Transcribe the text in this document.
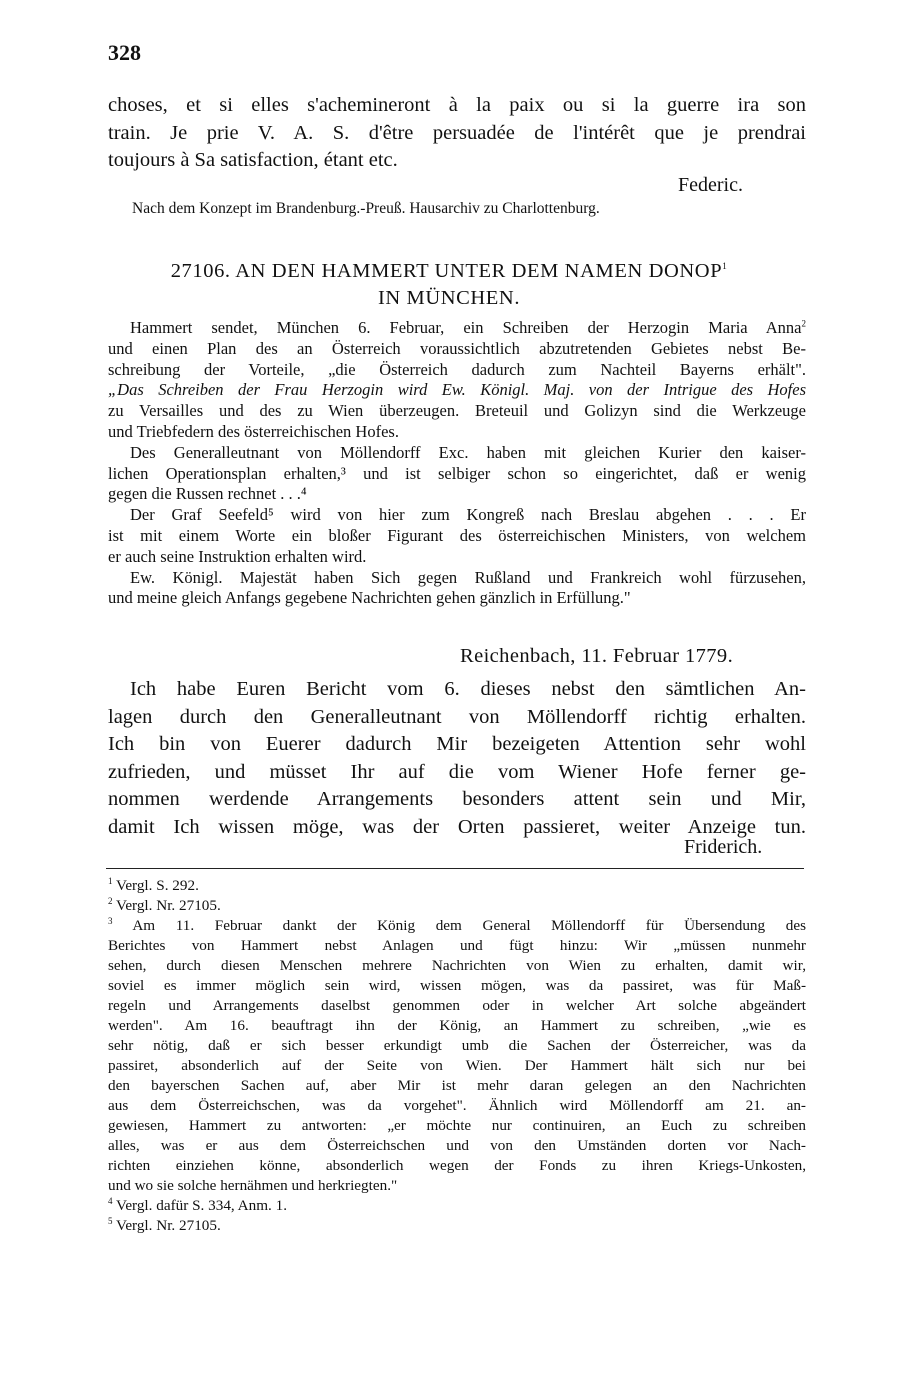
328
choses, et si elles s'achemineront à la paix ou si la guerre ira son
train. Je prie V. A. S. d'être persuadée de l'intérêt que je prendrai
toujours à Sa satisfaction, étant etc.
Federic.
Nach dem Konzept im Brandenburg.-Preuß. Hausarchiv zu Charlottenburg.
27106. AN DEN HAMMERT UNTER DEM NAMEN DONOP$^1$
IN MÜNCHEN.
Hammert sendet, München 6. Februar, ein Schreiben der Herzogin Maria Anna$^2$
und einen Plan des an Österreich voraussichtlich abzutretenden Gebietes nebst Be-
schreibung der Vorteile, „die Österreich dadurch zum Nachteil Bayerns erhält".
„Das Schreiben der Frau Herzogin wird Ew. Königl. Maj. von der Intrigue des Hofes
zu Versailles und des zu Wien überzeugen. Breteuil und Golizyn sind die Werkzeuge
und Triebfedern des österreichischen Hofes.
Des Generalleutnant von Möllendorff Exc. haben mit gleichen Kurier den kaiser-
lichen Operationsplan erhalten,³ und ist selbiger schon so eingerichtet, daß er wenig
gegen die Russen rechnet . . .⁴
Der Graf Seefeld⁵ wird von hier zum Kongreß nach Breslau abgehen . . . Er
ist mit einem Worte ein bloßer Figurant des österreichischen Ministers, von welchem
er auch seine Instruktion erhalten wird.
Ew. Königl. Majestät haben Sich gegen Rußland und Frankreich wohl fürzusehen,
und meine gleich Anfangs gegebene Nachrichten gehen gänzlich in Erfüllung."
Reichenbach, 11. Februar 1779.
Ich habe Euren Bericht vom 6. dieses nebst den sämtlichen An-
lagen durch den Generalleutnant von Möllendorff richtig erhalten.
Ich bin von Euerer dadurch Mir bezeigeten Attention sehr wohl
zufrieden, und müsset Ihr auf die vom Wiener Hofe ferner ge-
nommen werdende Arrangements besonders attent sein und Mir,
damit Ich wissen möge, was der Orten passieret, weiter Anzeige tun.
Friderich.
$^1$ Vergl. S. 292.
$^2$ Vergl. Nr. 27105.
$^3$ Am 11. Februar dankt der König dem General Möllendorff für Übersendung des
Berichtes von Hammert nebst Anlagen und fügt hinzu: Wir „müssen nunmehr
sehen, durch diesen Menschen mehrere Nachrichten von Wien zu erhalten, damit wir,
soviel es immer möglich sein wird, wissen mögen, was da passiret, was für Maß-
regeln und Arrangements daselbst genommen oder in welcher Art solche abgeändert
werden". Am 16. beauftragt ihn der König, an Hammert zu schreiben, „wie es
sehr nötig, daß er sich besser erkundigt umb die Sachen der Österreicher, was da
passiret, absonderlich auf der Seite von Wien. Der Hammert hält sich nur bei
den bayerschen Sachen auf, aber Mir ist mehr daran gelegen an den Nachrichten
aus dem Österreichschen, was da vorgehet". Ähnlich wird Möllendorff am 21. an-
gewiesen, Hammert zu antworten: „er möchte nur continuiren, an Euch zu schreiben
alles, was er aus dem Österreichschen und von den Umständen dorten vor Nach-
richten einziehen könne, absonderlich wegen der Fonds zu ihren Kriegs-Unkosten,
und wo sie solche hernähmen und herkriegten."
$^4$ Vergl. dafür S. 334, Anm. 1.
$^5$ Vergl. Nr. 27105.
